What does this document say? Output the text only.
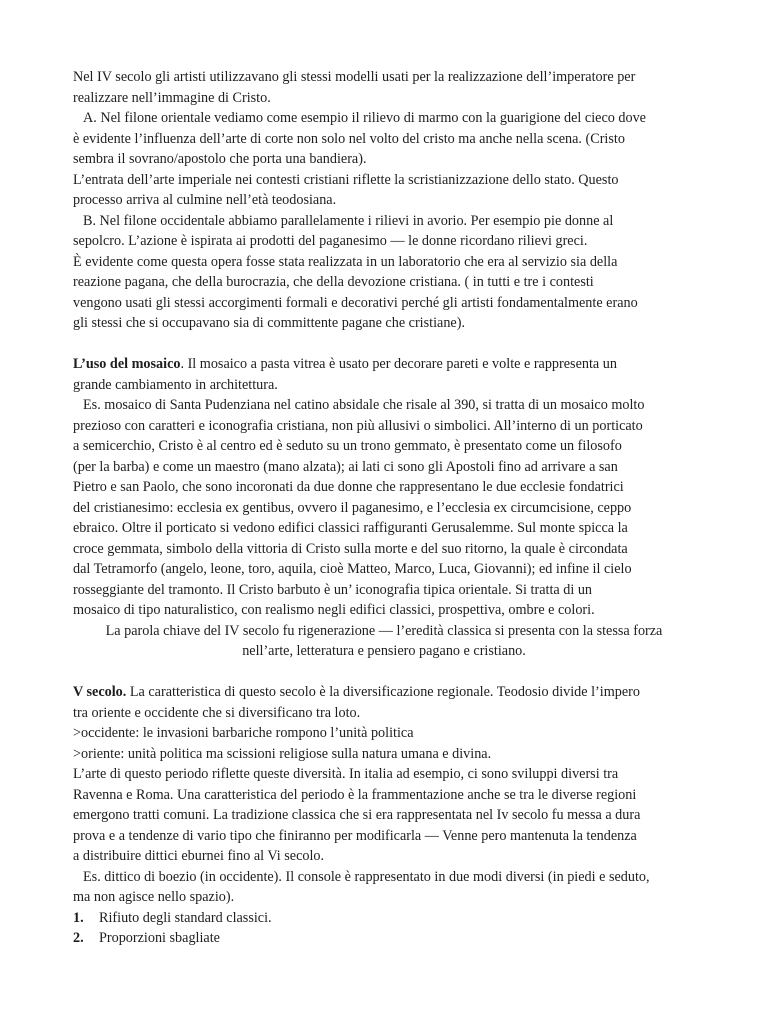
Nel IV secolo gli artisti utilizzavano gli stessi modelli usati per la realizzazione dell’imperatore per
realizzare nell’immagine di Cristo.
A. Nel filone orientale vediamo come esempio il rilievo di marmo con la guarigione del cieco dove
è evidente l’influenza dell’arte di corte non solo nel volto del cristo ma anche nella scena. (Cristo
sembra il sovrano/apostolo che porta una bandiera).
L’entrata dell’arte imperiale nei contesti cristiani riflette la scristianizzazione dello stato. Questo
processo arriva al culmine nell’età teodosiana.
B. Nel filone occidentale abbiamo parallelamente i rilievi in avorio. Per esempio pie donne al
sepolcro. L’azione è ispirata ai prodotti del paganesimo — le donne ricordano rilievi greci.
È evidente come questa opera fosse stata realizzata in un laboratorio che era al servizio sia della
reazione pagana, che della burocrazia, che della devozione cristiana. ( in tutti e tre i contesti
vengono usati gli stessi accorgimenti formali e decorativi perché gli artisti fondamentalmente erano
gli stessi che si occupavano sia di committente pagane che cristiane).
L’uso del mosaico. Il mosaico a pasta vitrea è usato per decorare pareti e volte e rappresenta un
grande cambiamento in architettura.
Es. mosaico di Santa Pudenziana nel catino absidale che risale al 390, si tratta di un mosaico molto
prezioso con caratteri e iconografia cristiana, non più allusivi o simbolici. All’interno di un porticato
a semicerchio, Cristo è al centro ed è seduto su un trono gemmato, è presentato come un filosofo
(per la barba) e come un maestro (mano alzata); ai lati ci sono gli Apostoli fino ad arrivare a san
Pietro e san Paolo, che sono incoronati da due donne che rappresentano le due ecclesie fondatrici
del cristianesimo: ecclesia ex gentibus, ovvero il paganesimo, e l’ecclesia ex circumcisione, ceppo
ebraico. Oltre il porticato si vedono edifici classici raffiguranti Gerusalemme. Sul monte spicca la
croce gemmata, simbolo della vittoria di Cristo sulla morte e del suo ritorno, la quale è circondata
dal Tetramorfo (angelo, leone, toro, aquila, cioè Matteo, Marco, Luca, Giovanni); ed infine il cielo
rosseggiante del tramonto. Il Cristo barbuto è un’ iconografia tipica orientale. Si tratta di un
mosaico di tipo naturalistico, con realismo negli edifici classici, prospettiva, ombre e colori.
La parola chiave del IV secolo fu rigenerazione — l’eredità classica si presenta con la stessa forza
nell’arte, letteratura e pensiero pagano e cristiano.
V secolo. La caratteristica di questo secolo è la diversificazione regionale. Teodosio divide l’impero
tra oriente e occidente che si diversificano tra loto.
>occidente: le invasioni barbariche rompono l’unità politica
>oriente: unità politica ma scissioni religiose sulla natura umana e divina.
L’arte di questo periodo riflette queste diversità. In italia ad esempio, ci sono sviluppi diversi tra
Ravenna e Roma. Una caratteristica del periodo è la frammentazione anche se tra le diverse regioni
emergono tratti comuni. La tradizione classica che si era rappresentata nel Iv secolo fu messa a dura
prova e a tendenze di vario tipo che finiranno per modificarla — Venne pero mantenuta la tendenza
a distribuire dittici eburnei fino al Vi secolo.
Es. dittico di boezio (in occidente). Il console è rappresentato in due modi diversi (in piedi e seduto,
ma non agisce nello spazio).
1. Rifiuto degli standard classici.
2. Proporzioni sbagliate
